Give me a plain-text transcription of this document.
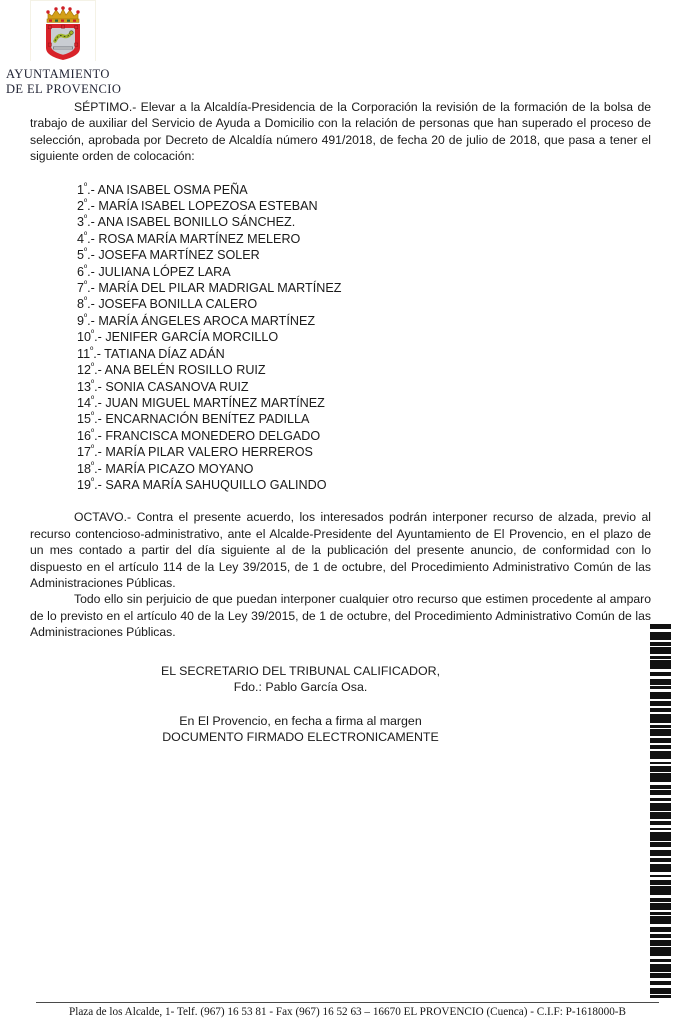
AYUNTAMIENTO
DE EL PROVENCIO

SÉPTIMO.- Elevar a la Alcaldía-Presidencia de la Corporación la revisión de la formación de la bolsa de trabajo de auxiliar del Servicio de Ayuda a Domicilio con la relación de personas que han superado el proceso de selección, aprobada por Decreto de Alcaldía número 491/2018, de fecha 20 de julio de 2018, que pasa a tener el siguiente orden de colocación:

$1^º.-$ ANA ISABEL OSMA PEÑA
$2^º.-$ MARÍA ISABEL LOPEZOSA ESTEBAN
$3^º.-$ ANA ISABEL BONILLO SÁNCHEZ.
$4^º.-$ ROSA MARÍA MARTÍNEZ MELERO
$5^º.-$ JOSEFA MARTÍNEZ SOLER
$6^º.-$ JULIANA LÓPEZ LARA
$7^º.-$ MARÍA DEL PILAR MADRIGAL MARTÍNEZ
$8^º.-$ JOSEFA BONILLA CALERO
$9^º.-$ MARÍA ÁNGELES AROCA MARTÍNEZ
$10^º.-$ JENIFER GARCÍA MORCILLO
$11^º.-$ TATIANA DÍAZ ADÁN
$12^º.-$ ANA BELÉN ROSILLO RUIZ
$13^º.-$ SONIA CASANOVA RUIZ
$14^º.-$ JUAN MIGUEL MARTÍNEZ MARTÍNEZ
$15^º.-$ ENCARNACIÓN BENÍTEZ PADILLA
$16^º.-$ FRANCISCA MONEDERO DELGADO
$17^º.-$ MARÍA PILAR VALERO HERREROS
$18^º.-$ MARÍA PICAZO MOYANO
$19^º.-$ SARA MARÍA SAHUQUILLO GALINDO

OCTAVO.- Contra el presente acuerdo, los interesados podrán interponer recurso de alzada, previo al recurso contencioso-administrativo, ante el Alcalde-Presidente del Ayuntamiento de El Provencio, en el plazo de un mes contado a partir del día siguiente al de la publicación del presente anuncio, de conformidad con lo dispuesto en el artículo 114 de la Ley 39/2015, de 1 de octubre, del Procedimiento Administrativo Común de las Administraciones Públicas.

Todo ello sin perjuicio de que puedan interponer cualquier otro recurso que estimen procedente al amparo de lo previsto en el artículo 40 de la Ley 39/2015, de 1 de octubre, del Procedimiento Administrativo Común de las Administraciones Públicas.

EL SECRETARIO DEL TRIBUNAL CALIFICADOR,
Fdo.: Pablo García Osa.
En El Provencio, en fecha a firma al margen
DOCUMENTO FIRMADO ELECTRONICAMENTE
Plaza de los Alcalde, 1- Telf. (967) 16 53 81 - Fax (967) 16 52 63 – 16670 EL PROVENCIO (Cuenca) - C.I.F: P-1618000-B
